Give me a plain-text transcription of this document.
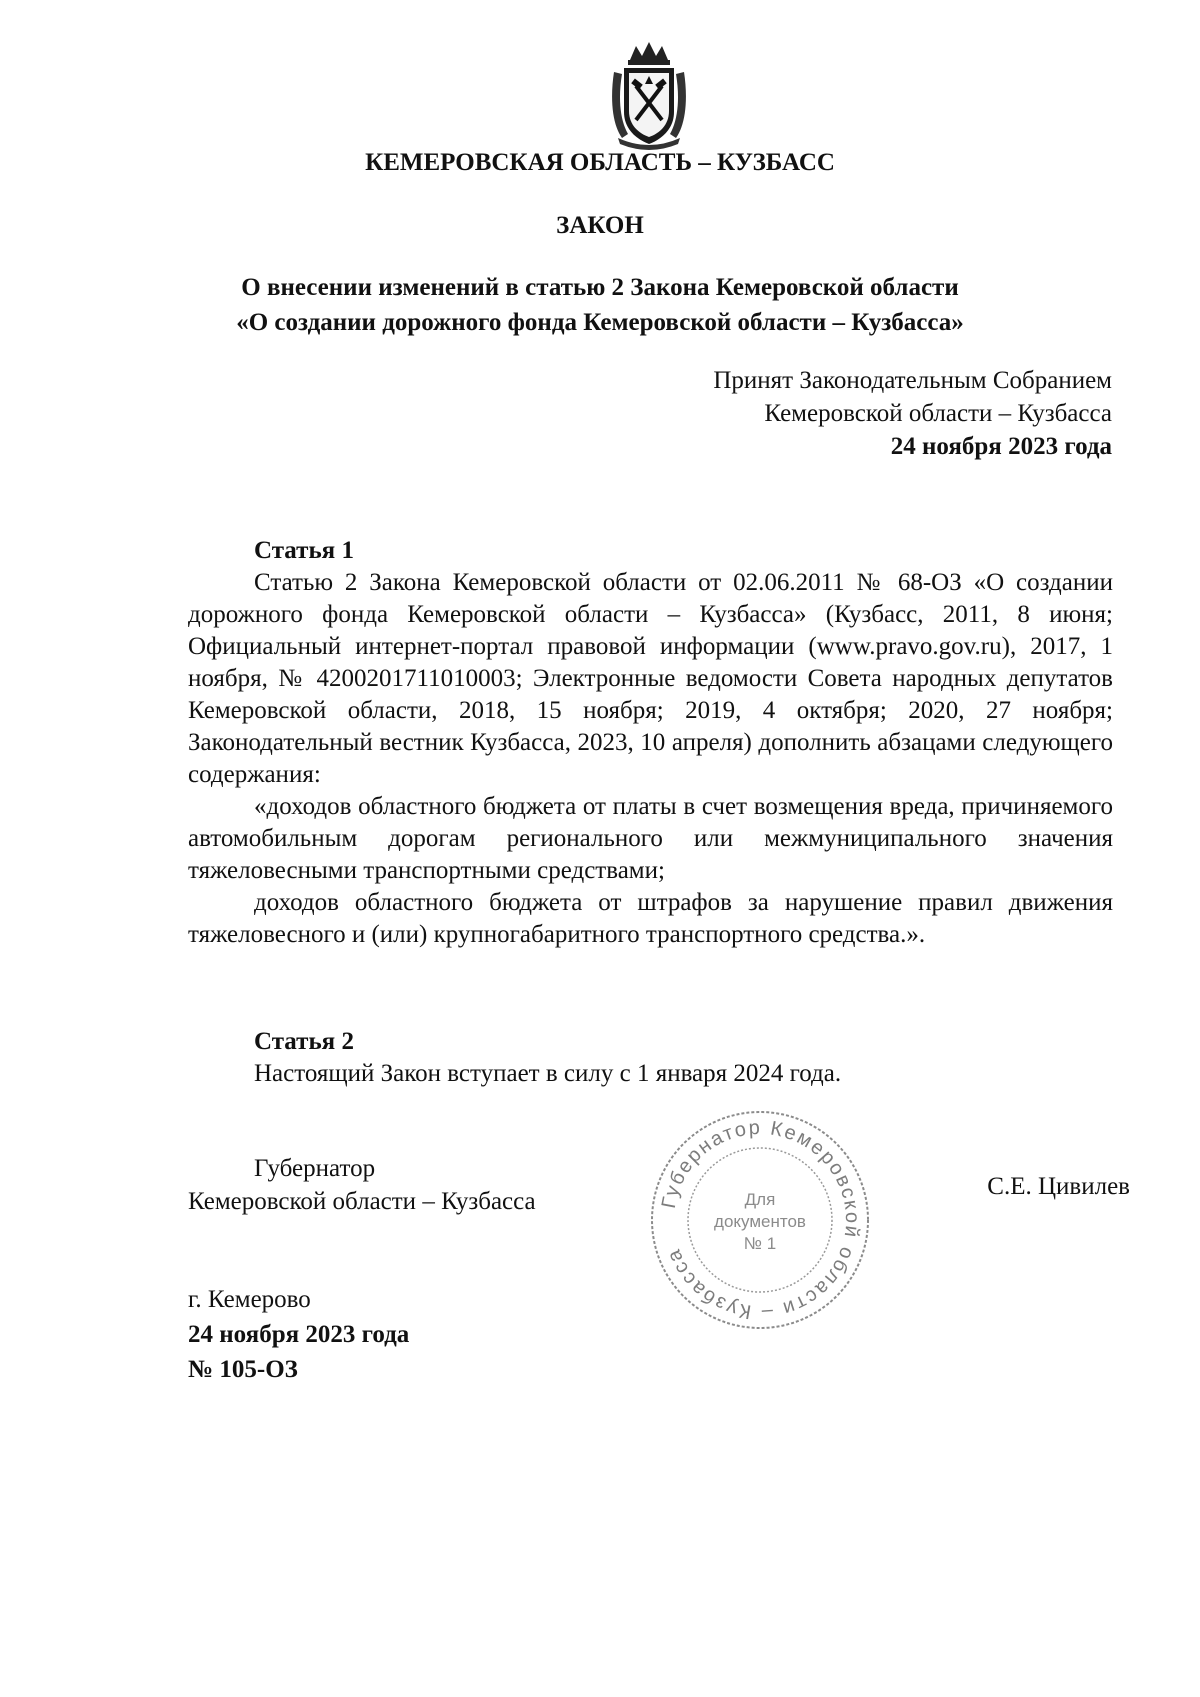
КЕМЕРОВСКАЯ ОБЛАСТЬ – КУЗБАСС
ЗАКОН
О внесении изменений в статью 2 Закона Кемеровской области
«О создании дорожного фонда Кемеровской области – Кузбасса»
Принят Законодательным Собранием
Кемеровской области – Кузбасса
24 ноября 2023 года
Статья 1

Статью 2 Закона Кемеровской области от 02.06.2011 № 68-ОЗ «О создании дорожного фонда Кемеровской области – Кузбасса» (Кузбасс, 2011, 8 июня; Официальный интернет-портал правовой информации (www.pravo.gov.ru), 2017, 1 ноября, № 4200201711010003; Электронные ведомости Совета народных депутатов Кемеровской области, 2018, 15 ноября; 2019, 4 октября; 2020, 27 ноября; Законодательный вестник Кузбасса, 2023, 10 апреля) дополнить абзацами следующего содержания:

«доходов областного бюджета от платы в счет возмещения вреда, причиняемого автомобильным дорогам регионального или межмуниципального значения тяжеловесными транспортными средствами;

доходов областного бюджета от штрафов за нарушение правил движения тяжеловесного и (или) крупногабаритного транспортного средства.».

Статья 2

Настоящий Закон вступает в силу с 1 января 2024 года.

Губернатор
Кемеровской области – Кузбасса
С.Е. Цивилев
Губернатор Кемеровской области – Кузбасса
Для
документов
№ 1
г. Кемерово
24 ноября 2023 года
№ 105-ОЗ
